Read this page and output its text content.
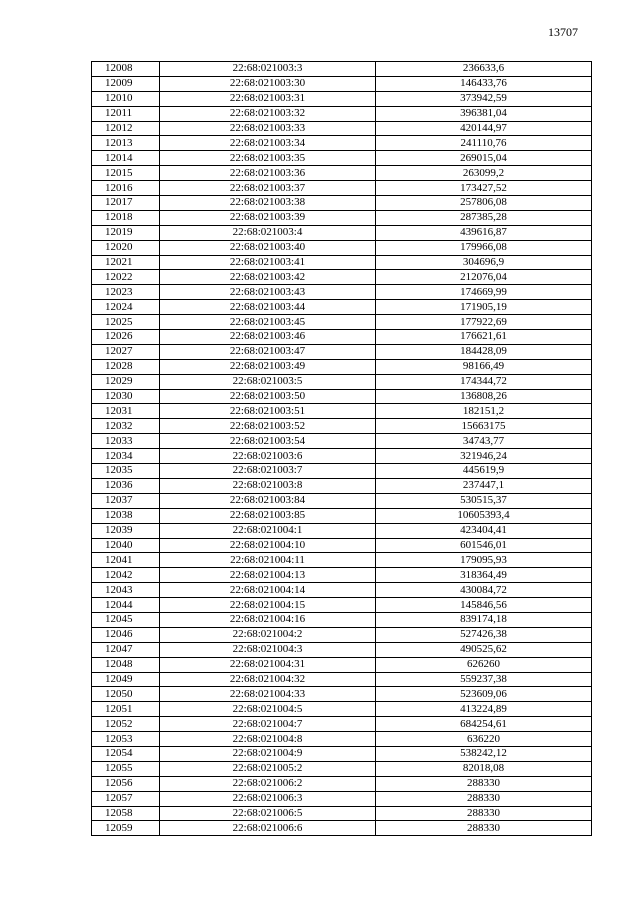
13707
12008	22:68:021003:3	236633,6
12009	22:68:021003:30	146433,76
12010	22:68:021003:31	373942,59
12011	22:68:021003:32	396381,04
12012	22:68:021003:33	420144,97
12013	22:68:021003:34	241110,76
12014	22:68:021003:35	269015,04
12015	22:68:021003:36	263099,2
12016	22:68:021003:37	173427,52
12017	22:68:021003:38	257806,08
12018	22:68:021003:39	287385,28
12019	22:68:021003:4	439616,87
12020	22:68:021003:40	179966,08
12021	22:68:021003:41	304696,9
12022	22:68:021003:42	212076,04
12023	22:68:021003:43	174669,99
12024	22:68:021003:44	171905,19
12025	22:68:021003:45	177922,69
12026	22:68:021003:46	176621,61
12027	22:68:021003:47	184428,09
12028	22:68:021003:49	98166,49
12029	22:68:021003:5	174344,72
12030	22:68:021003:50	136808,26
12031	22:68:021003:51	182151,2
12032	22:68:021003:52	15663175
12033	22:68:021003:54	34743,77
12034	22:68:021003:6	321946,24
12035	22:68:021003:7	445619,9
12036	22:68:021003:8	237447,1
12037	22:68:021003:84	530515,37
12038	22:68:021003:85	10605393,4
12039	22:68:021004:1	423404,41
12040	22:68:021004:10	601546,01
12041	22:68:021004:11	179095,93
12042	22:68:021004:13	318364,49
12043	22:68:021004:14	430084,72
12044	22:68:021004:15	145846,56
12045	22:68:021004:16	839174,18
12046	22:68:021004:2	527426,38
12047	22:68:021004:3	490525,62
12048	22:68:021004:31	626260
12049	22:68:021004:32	559237,38
12050	22:68:021004:33	523609,06
12051	22:68:021004:5	413224,89
12052	22:68:021004:7	684254,61
12053	22:68:021004:8	636220
12054	22:68:021004:9	538242,12
12055	22:68:021005:2	82018,08
12056	22:68:021006:2	288330
12057	22:68:021006:3	288330
12058	22:68:021006:5	288330
12059	22:68:021006:6	288330
